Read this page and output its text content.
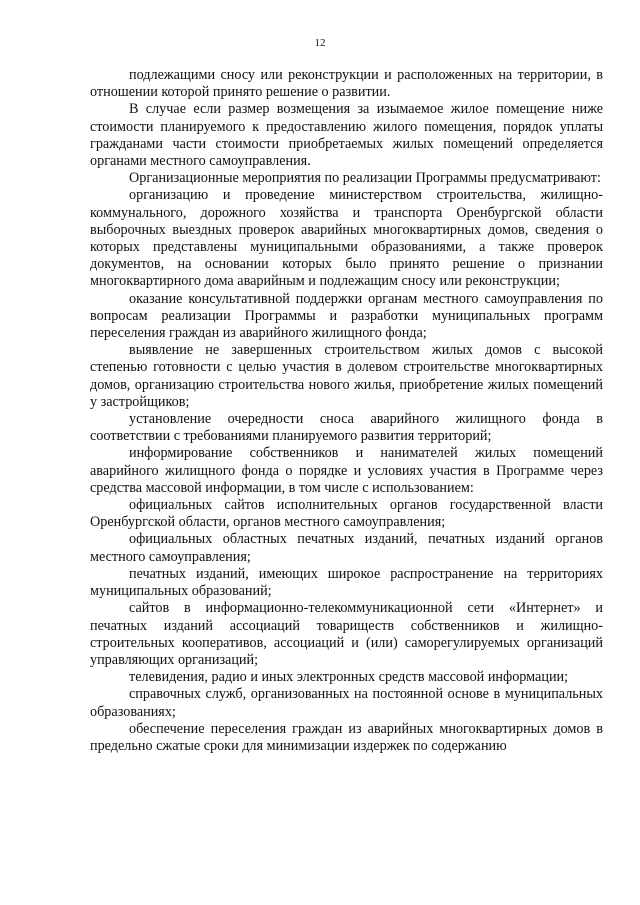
12

подлежащими сносу или реконструкции и расположенных на территории, в отношении которой принято решение о развитии.

В случае если размер возмещения за изымаемое жилое помещение ниже стоимости планируемого к предоставлению жилого помещения, порядок уплаты гражданами части стоимости приобретаемых жилых помещений определяется органами местного самоуправления.

Организационные мероприятия по реализации Программы предусматривают:

организацию и проведение министерством строительства, жилищно-коммунального, дорожного хозяйства и транспорта Оренбургской области выборочных выездных проверок аварийных многоквартирных домов, сведения о которых представлены муниципальными образованиями, а также проверок документов, на основании которых было принято решение о признании многоквартирного дома аварийным и подлежащим сносу или реконструкции;

оказание консультативной поддержки органам местного самоуправления по вопросам реализации Программы и разработки муниципальных программ переселения граждан из аварийного жилищного фонда;

выявление не завершенных строительством жилых домов с высокой степенью готовности с целью участия в долевом строительстве многоквартирных домов, организацию строительства нового жилья, приобретение жилых помещений у застройщиков;

установление очередности сноса аварийного жилищного фонда в соответствии с требованиями планируемого развития территорий;

информирование собственников и нанимателей жилых помещений аварийного жилищного фонда о порядке и условиях участия в Программе через средства массовой информации, в том числе с использованием:

официальных сайтов исполнительных органов государственной власти Оренбургской области, органов местного самоуправления;

официальных областных печатных изданий, печатных изданий органов местного самоуправления;

печатных изданий, имеющих широкое распространение на территориях муниципальных образований;

сайтов в информационно-телекоммуникационной сети «Интернет» и печатных изданий ассоциаций товариществ собственников и жилищно-строительных кооперативов, ассоциаций и (или) саморегулируемых организаций управляющих организаций;

телевидения, радио и иных электронных средств массовой информации;

справочных служб, организованных на постоянной основе в муниципальных образованиях;

обеспечение переселения граждан из аварийных многоквартирных домов в предельно сжатые сроки для минимизации издержек по содержанию
